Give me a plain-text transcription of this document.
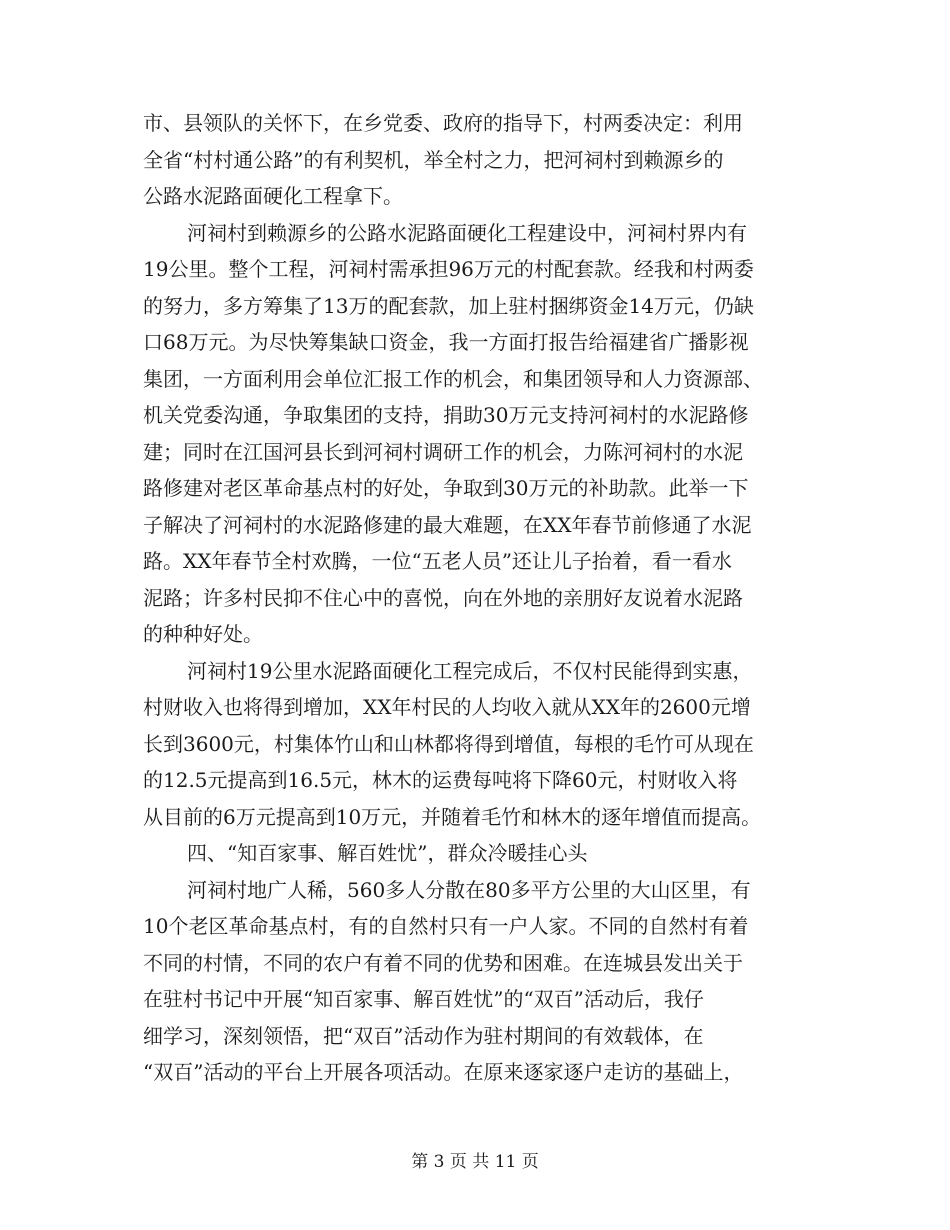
市、县领队的关怀下，在乡党委、政府的指导下，村两委决定：利用
全省“村村通公路”的有利契机，举全村之力，把河祠村到赖源乡的
公路水泥路面硬化工程拿下。
河祠村到赖源乡的公路水泥路面硬化工程建设中，河祠村界内有
19公里。整个工程，河祠村需承担96万元的村配套款。经我和村两委
的努力，多方筹集了13万的配套款，加上驻村捆绑资金14万元，仍缺
口68万元。为尽快筹集缺口资金，我一方面打报告给福建省广播影视
集团，一方面利用会单位汇报工作的机会，和集团领导和人力资源部、
机关党委沟通，争取集团的支持，捐助30万元支持河祠村的水泥路修
建；同时在江国河县长到河祠村调研工作的机会，力陈河祠村的水泥
路修建对老区革命基点村的好处，争取到30万元的补助款。此举一下
子解决了河祠村的水泥路修建的最大难题，在XX年春节前修通了水泥
路。XX年春节全村欢腾，一位“五老人员”还让儿子抬着，看一看水
泥路；许多村民抑不住心中的喜悦，向在外地的亲朋好友说着水泥路
的种种好处。
河祠村19公里水泥路面硬化工程完成后，不仅村民能得到实惠，
村财收入也将得到增加，XX年村民的人均收入就从XX年的2600元增
长到3600元，村集体竹山和山林都将得到增值，每根的毛竹可从现在
的12.5元提高到16.5元，林木的运费每吨将下降60元，村财收入将
从目前的6万元提高到10万元，并随着毛竹和林木的逐年增值而提高。
四、“知百家事、解百姓忧”，群众冷暖挂心头
河祠村地广人稀，560多人分散在80多平方公里的大山区里，有
10个老区革命基点村，有的自然村只有一户人家。不同的自然村有着
不同的村情，不同的农户有着不同的优势和困难。在连城县发出关于
在驻村书记中开展“知百家事、解百姓忧”的“双百”活动后，我仔
细学习，深刻领悟，把“双百”活动作为驻村期间的有效载体，在
“双百”活动的平台上开展各项活动。在原来逐家逐户走访的基础上，
第 3 页 共 11 页
